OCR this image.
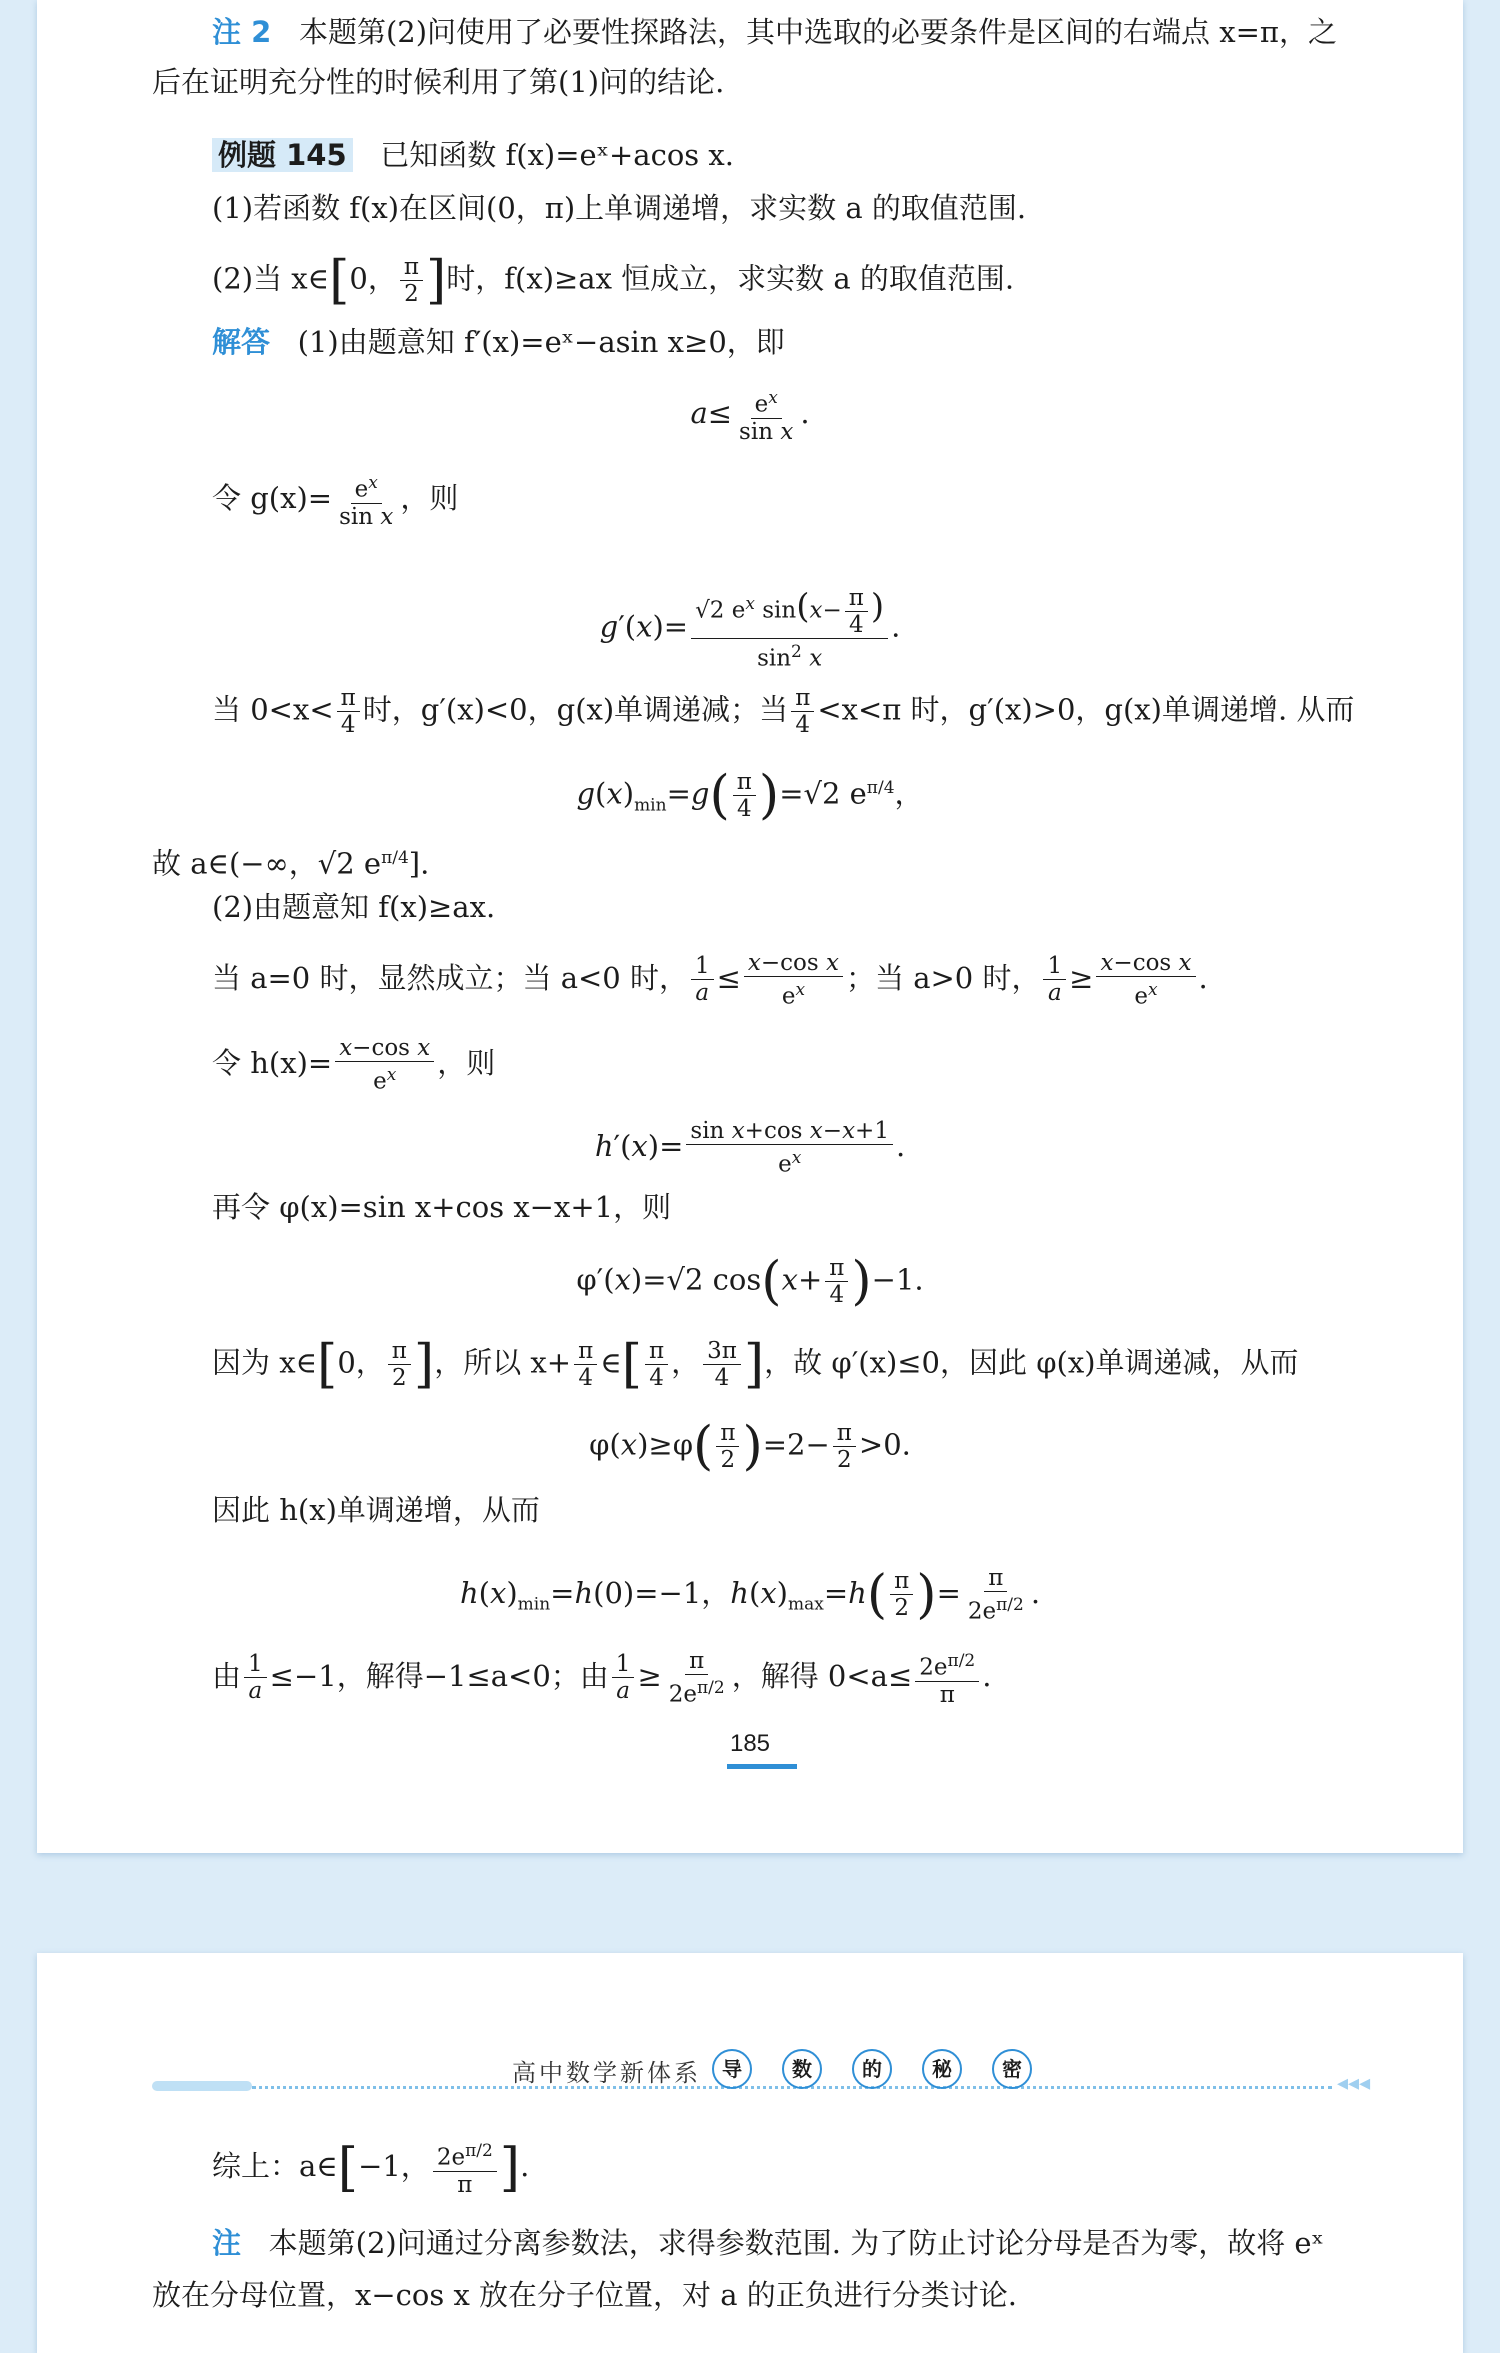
注 2 本题第(2)问使用了必要性探路法，其中选取的必要条件是区间的右端点 x=π，之
后在证明充分性的时候利用了第(1)问的结论.
例题 145 已知函数 f(x)=eˣ+acos x.
(1)若函数 f(x)在区间(0，π)上单调递增，求实数 a 的取值范围.
(2)当 x∈[0， $\frac{\pi}{2}$ ]时，f(x)≥ax 恒成立，求实数 a 的取值范围.
解答 (1)由题意知 f′(x)=eˣ−asin x≥0，即
$a\le \frac{e^x}{\text{sin x}}$ .
令 $g(x)= \frac{e^x}{\text{sin x}}$ ，则
$g'(x)= \frac{√2 e^x \sin(x- \frac{\pi}{4} )}{\sin^2 x}$ .
当 $0<x< \frac{\pi}{4}$ 时，g′(x)<0，g(x)单调递减；当 $\frac{\pi}{4} <x<\pi$ 时，g′(x)>0，g(x)单调递增. 从而
$g(x)_{min}=g( \frac{\pi}{4} )=√2$ $e^{\pi/4}$，
故 a∈(−∞，√2 $e^{\pi/4}$].
(2)由题意知 f(x)≥ax.
当 a=0 时，显然成立；当 a<0 时， $\frac{1}{a} \le \frac{\text{x−cos x}}{e^x}$ ；当 a>0 时， $\frac{1}{a} \ge \frac{\text{x−cos x}}{e^x}$ .
令 $h(x)= \frac{\text{x−cos x}}{e^x}$ ，则
$h'(x)= \frac{\text{sin x+cos x−x+1}}{e^x}$ .
再令 φ(x)=sin x+cos x−x+1，则
φ′(x)=√2 $\cos(x+ \frac{\pi}{4} )-1$.
因为 x∈[0， $\frac{\pi}{2}$ ]，所以 $x+ \frac{\pi}{4}$ ∈[ $\frac{\pi}{4}$ ， $\frac{3\pi}{4}$ ]，故 φ′(x)≤0，因此 φ(x)单调递减，从而
$\varphi(x)\ge\varphi( \frac{\pi}{2} )=2- \frac{\pi}{2} >0$.
因此 h(x)单调递增，从而
$h(x)_{min}=h(0)=-1$，$h(x)_{max}=h( \frac{\pi}{2}$ )= $\frac{\pi}{2e^{\pi/2}}$ .
由 $\frac{1}{a} \le-1$，解得−1≤a<0；由 $\frac{1}{a} \ge \frac{\pi}{2e^{\pi/2}}$ ，解得 $0<a\le \frac{2e^{\pi/2}}{\pi}$ .
185
◂◂◂
高中数学新体系	导	数	的	秘	密
综上：a∈[−1， $\frac{2e^{\pi/2}}{\pi}$ ].
注 本题第(2)问通过分离参数法，求得参数范围. 为了防止讨论分母是否为零，故将 eˣ
放在分母位置，x−cos x 放在分子位置，对 a 的正负进行分类讨论.
